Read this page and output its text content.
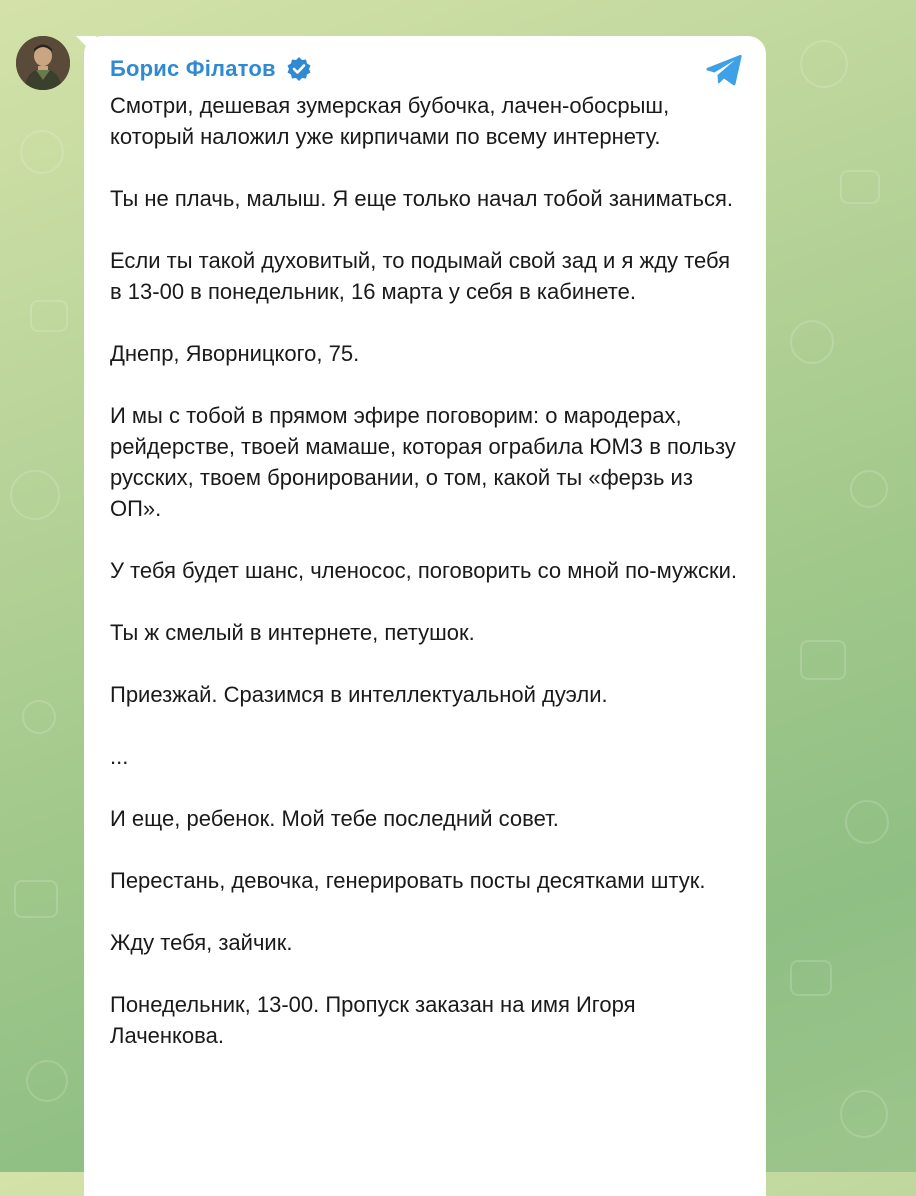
Борис Філатов

Смотри, дешевая зумерская бубочка, лачен-обосрыш, который наложил уже кирпичами по всему интернету.

Ты не плачь, малыш. Я еще только начал тобой заниматься.

Если ты такой духовитый, то подымай свой зад и я жду тебя в 13-00 в понедельник, 16 марта у себя в кабинете.

Днепр, Яворницкого, 75.

И мы с тобой в прямом эфире поговорим: о мародерах, рейдерстве, твоей мамаше, которая ограбила ЮМЗ в пользу русских, твоем бронировании, о том, какой ты «ферзь из ОП».

У тебя будет шанс, членосос, поговорить со мной по-мужски.

Ты ж смелый в интернете, петушок.

Приезжай. Сразимся в интеллектуальной дуэли.

...

И еще, ребенок. Мой тебе последний совет.

Перестань, девочка, генерировать посты десятками штук.

Жду тебя, зайчик.

Понедельник, 13-00. Пропуск заказан на имя Игоря Лаченкова.
